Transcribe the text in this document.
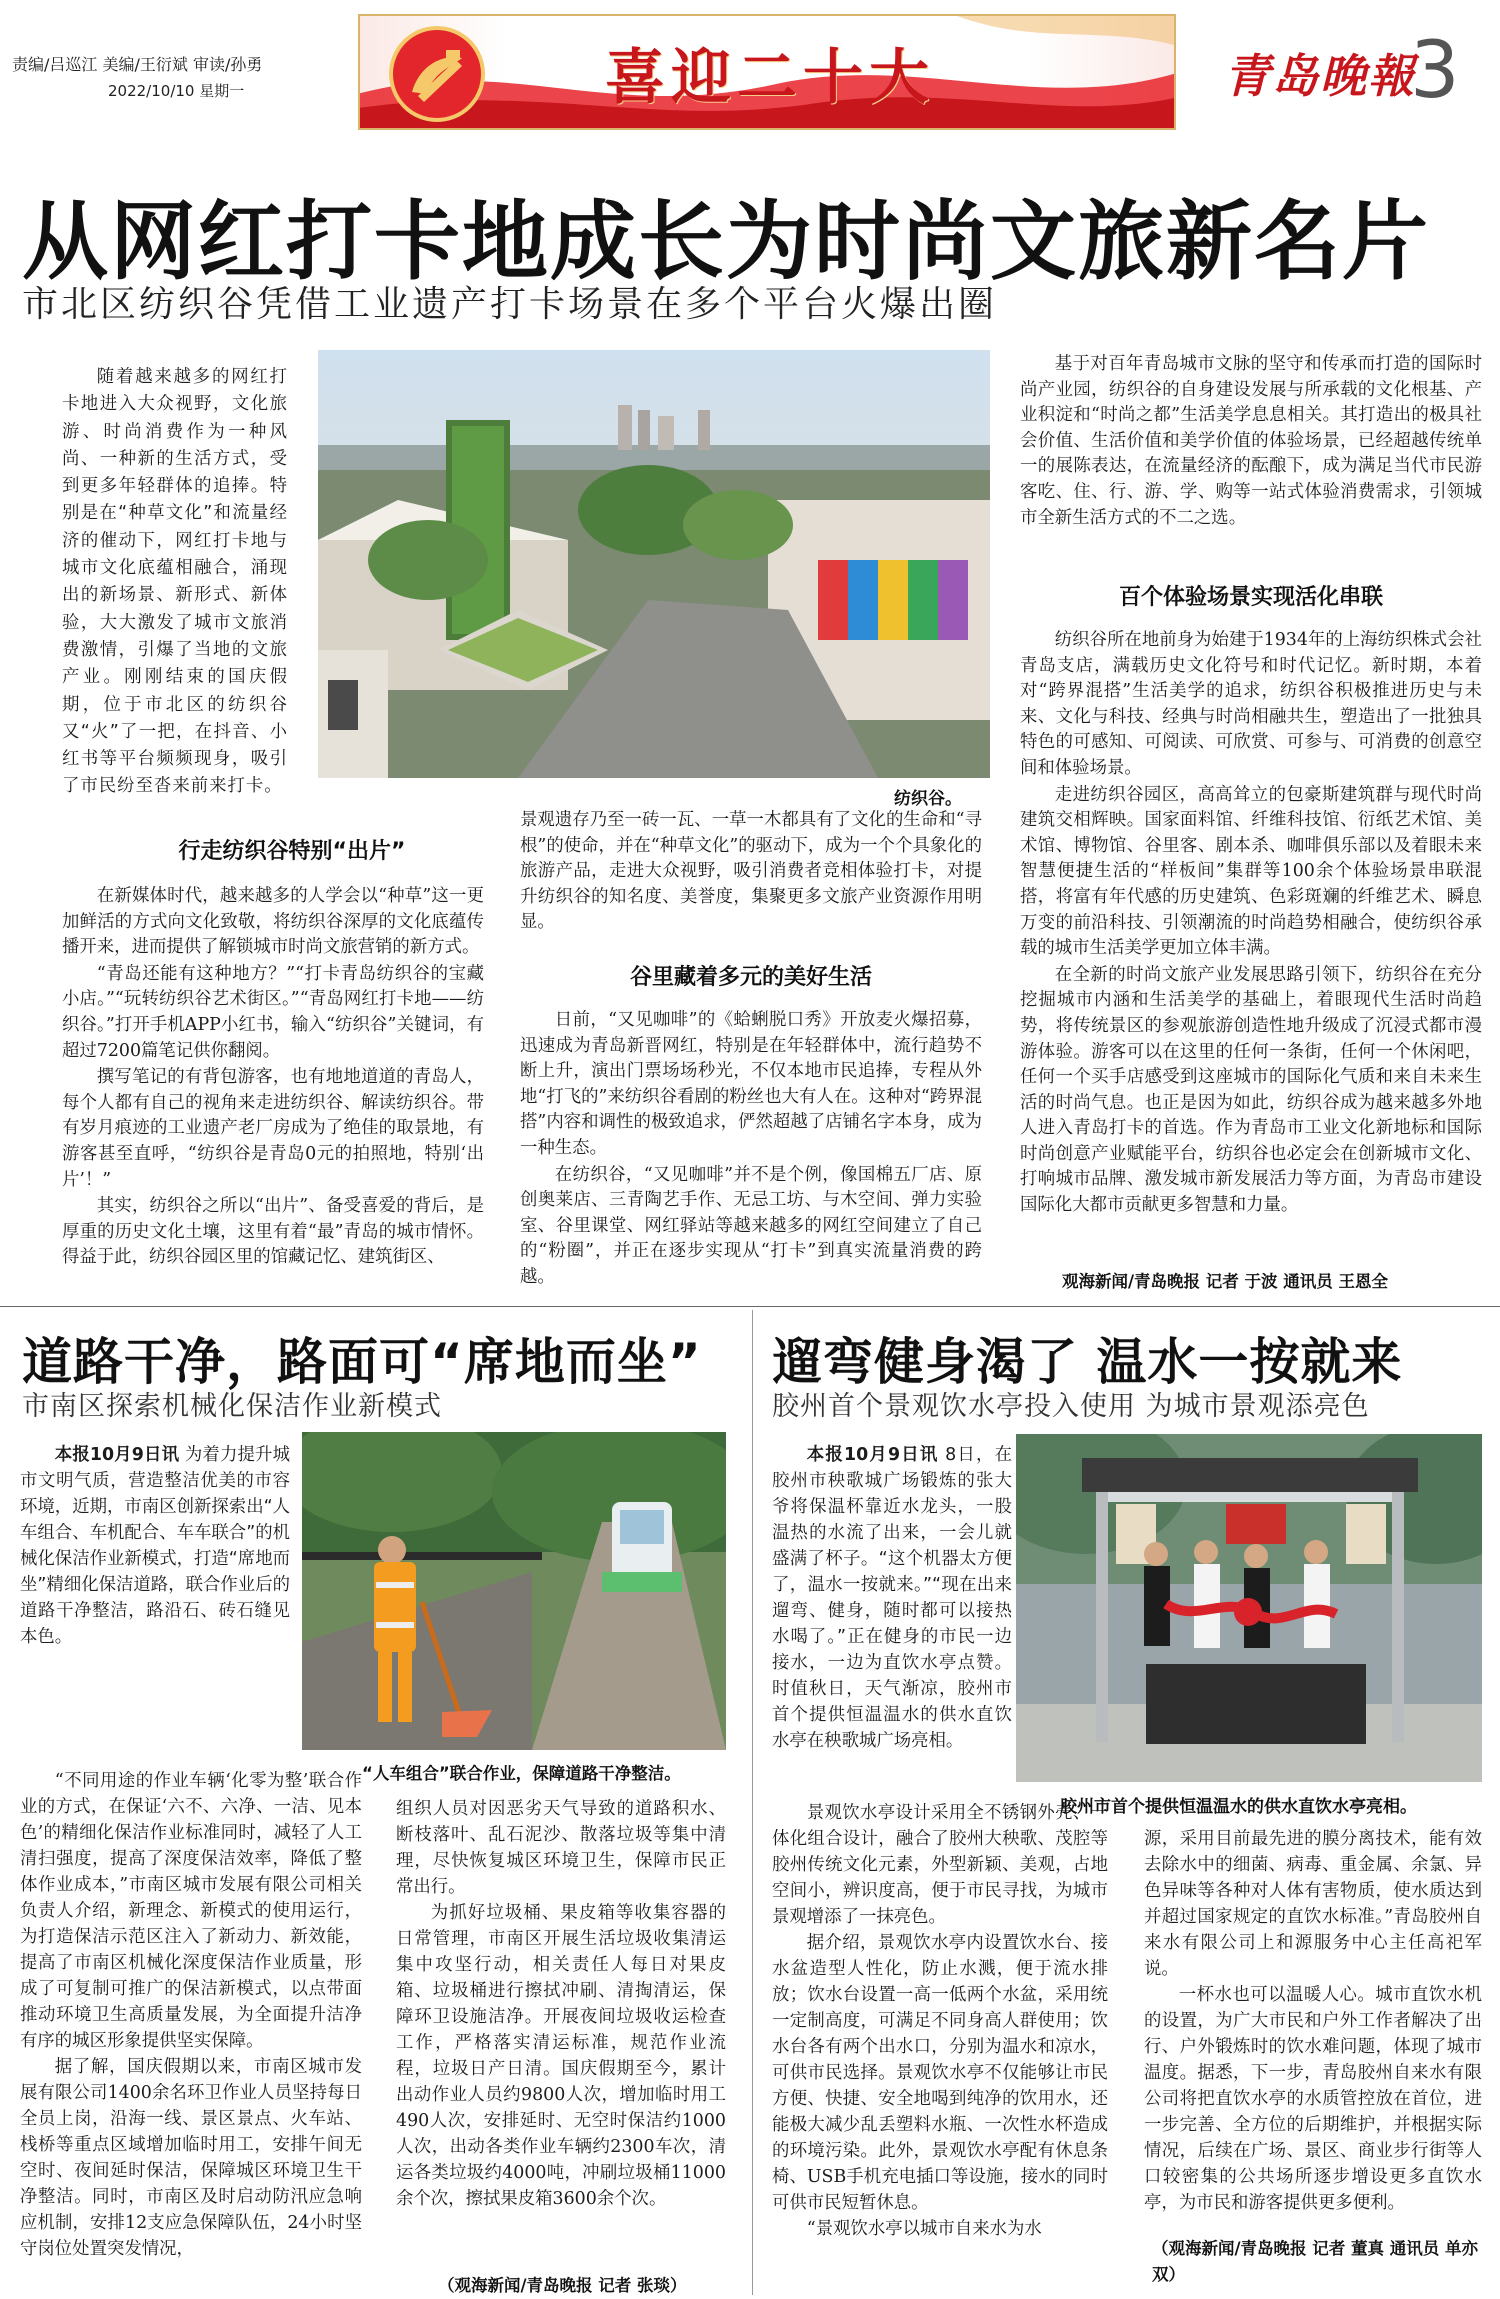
责编/吕巡江 美编/王衍斌 审读/孙勇
2022/10/10 星期一	喜迎二十大	青岛晚報
3
从网红打卡地成长为时尚文旅新名片
市北区纺织谷凭借工业遗产打卡场景在多个平台火爆出圈

随着越来越多的网红打卡地进入大众视野，文化旅游、时尚消费作为一种风尚、一种新的生活方式，受到更多年轻群体的追捧。特别是在“种草文化”和流量经济的催动下，网红打卡地与城市文化底蕴相融合，涌现出的新场景、新形式、新体验，大大激发了城市文旅消费激情，引爆了当地的文旅产业。刚刚结束的国庆假期，位于市北区的纺织谷又“火”了一把，在抖音、小红书等平台频频现身，吸引了市民纷至沓来前来打卡。

纺织谷。
行走纺织谷特别“出片”

在新媒体时代，越来越多的人学会以“种草”这一更加鲜活的方式向文化致敬，将纺织谷深厚的文化底蕴传播开来，进而提供了解锁城市时尚文旅营销的新方式。

“青岛还能有这种地方？”“打卡青岛纺织谷的宝藏小店。”“玩转纺织谷艺术街区。”“青岛网红打卡地——纺织谷。”打开手机APP小红书，输入“纺织谷”关键词，有超过7200篇笔记供你翻阅。

撰写笔记的有背包游客，也有地地道道的青岛人，每个人都有自己的视角来走进纺织谷、解读纺织谷。带有岁月痕迹的工业遗产老厂房成为了绝佳的取景地，有游客甚至直呼，“纺织谷是青岛0元的拍照地，特别‘出片’！”

其实，纺织谷之所以“出片”、备受喜爱的背后，是厚重的历史文化土壤，这里有着“最”青岛的城市情怀。得益于此，纺织谷园区里的馆藏记忆、建筑街区、

景观遗存乃至一砖一瓦、一草一木都具有了文化的生命和“寻根”的使命，并在“种草文化”的驱动下，成为一个个具象化的旅游产品，走进大众视野，吸引消费者竞相体验打卡，对提升纺织谷的知名度、美誉度，集聚更多文旅产业资源作用明显。

谷里藏着多元的美好生活

日前，“又见咖啡”的《蛤蜊脱口秀》开放麦火爆招募，迅速成为青岛新晋网红，特别是在年轻群体中，流行趋势不断上升，演出门票场场秒光，不仅本地市民追捧，专程从外地“打飞的”来纺织谷看剧的粉丝也大有人在。这种对“跨界混搭”内容和调性的极致追求，俨然超越了店铺名字本身，成为一种生态。

在纺织谷，“又见咖啡”并不是个例，像国棉五厂店、原创奥莱店、三青陶艺手作、无忌工坊、与木空间、弹力实验室、谷里课堂、网红驿站等越来越多的网红空间建立了自己的“粉圈”，并正在逐步实现从“打卡”到真实流量消费的跨越。

基于对百年青岛城市文脉的坚守和传承而打造的国际时尚产业园，纺织谷的自身建设发展与所承载的文化根基、产业积淀和“时尚之都”生活美学息息相关。其打造出的极具社会价值、生活价值和美学价值的体验场景，已经超越传统单一的展陈表达，在流量经济的酝酿下，成为满足当代市民游客吃、住、行、游、学、购等一站式体验消费需求，引领城市全新生活方式的不二之选。

百个体验场景实现活化串联

纺织谷所在地前身为始建于1934年的上海纺织株式会社青岛支店，满载历史文化符号和时代记忆。新时期，本着对“跨界混搭”生活美学的追求，纺织谷积极推进历史与未来、文化与科技、经典与时尚相融共生，塑造出了一批独具特色的可感知、可阅读、可欣赏、可参与、可消费的创意空间和体验场景。

走进纺织谷园区，高高耸立的包豪斯建筑群与现代时尚建筑交相辉映。国家面料馆、纤维科技馆、衍纸艺术馆、美术馆、博物馆、谷里客、剧本杀、咖啡俱乐部以及着眼未来智慧便捷生活的“样板间”集群等100余个体验场景串联混搭，将富有年代感的历史建筑、色彩斑斓的纤维艺术、瞬息万变的前沿科技、引领潮流的时尚趋势相融合，使纺织谷承载的城市生活美学更加立体丰满。

在全新的时尚文旅产业发展思路引领下，纺织谷在充分挖掘城市内涵和生活美学的基础上，着眼现代生活时尚趋势，将传统景区的参观旅游创造性地升级成了沉浸式都市漫游体验。游客可以在这里的任何一条街，任何一个休闲吧，任何一个买手店感受到这座城市的国际化气质和来自未来生活的时尚气息。也正是因为如此，纺织谷成为越来越多外地人进入青岛打卡的首选。作为青岛市工业文化新地标和国际时尚创意产业赋能平台，纺织谷也必定会在创新城市文化、打响城市品牌、激发城市新发展活力等方面，为青岛市建设国际化大都市贡献更多智慧和力量。

观海新闻/青岛晚报 记者 于波 通讯员 王恩全
道路干净，路面可“席地而坐”
市南区探索机械化保洁作业新模式

本报10月9日讯 为着力提升城市文明气质，营造整洁优美的市容环境，近期，市南区创新探索出“人车组合、车机配合、车车联合”的机械化保洁作业新模式，打造“席地而坐”精细化保洁道路，联合作业后的道路干净整洁，路沿石、砖石缝见本色。

“人车组合”联合作业，保障道路干净整洁。

“不同用途的作业车辆‘化零为整’联合作业的方式，在保证‘六不、六净、一洁、见本色’的精细化保洁作业标准同时，减轻了人工清扫强度，提高了深度保洁效率，降低了整体作业成本，”市南区城市发展有限公司相关负责人介绍，新理念、新模式的使用运行，为打造保洁示范区注入了新动力、新效能，提高了市南区机械化深度保洁作业质量，形成了可复制可推广的保洁新模式，以点带面推动环境卫生高质量发展，为全面提升洁净有序的城区形象提供坚实保障。

据了解，国庆假期以来，市南区城市发展有限公司1400余名环卫作业人员坚持每日全员上岗，沿海一线、景区景点、火车站、栈桥等重点区域增加临时用工，安排午间无空时、夜间延时保洁，保障城区环境卫生干净整洁。同时，市南区及时启动防汛应急响应机制，安排12支应急保障队伍，24小时坚守岗位处置突发情况，

组织人员对因恶劣天气导致的道路积水、断枝落叶、乱石泥沙、散落垃圾等集中清理，尽快恢复城区环境卫生，保障市民正常出行。

为抓好垃圾桶、果皮箱等收集容器的日常管理，市南区开展生活垃圾收集清运集中攻坚行动，相关责任人每日对果皮箱、垃圾桶进行擦拭冲刷、清掏清运，保障环卫设施洁净。开展夜间垃圾收运检查工作，严格落实清运标准，规范作业流程，垃圾日产日清。国庆假期至今，累计出动作业人员约9800人次，增加临时用工490人次，安排延时、无空时保洁约1000人次，出动各类作业车辆约2300车次，清运各类垃圾约4000吨，冲刷垃圾桶11000余个次，擦拭果皮箱3600余个次。

（观海新闻/青岛晚报 记者 张琰）
遛弯健身渴了 温水一按就来
胶州首个景观饮水亭投入使用 为城市景观添亮色

本报10月9日讯 8日，在胶州市秧歌城广场锻炼的张大爷将保温杯靠近水龙头，一股温热的水流了出来，一会儿就盛满了杯子。“这个机器太方便了，温水一按就来。”“现在出来遛弯、健身，随时都可以接热水喝了。”正在健身的市民一边接水，一边为直饮水亭点赞。时值秋日，天气渐凉，胶州市首个提供恒温温水的供水直饮水亭在秧歌城广场亮相。

胶州市首个提供恒温温水的供水直饮水亭亮相。

景观饮水亭设计采用全不锈钢外壳、一体化组合设计，融合了胶州大秧歌、茂腔等胶州传统文化元素，外型新颖、美观，占地空间小，辨识度高，便于市民寻找，为城市景观增添了一抹亮色。

据介绍，景观饮水亭内设置饮水台、接水盆造型人性化，防止水溅，便于流水排放；饮水台设置一高一低两个水盆，采用统一定制高度，可满足不同身高人群使用；饮水台各有两个出水口，分别为温水和凉水，可供市民选择。景观饮水亭不仅能够让市民方便、快捷、安全地喝到纯净的饮用水，还能极大减少乱丢塑料水瓶、一次性水杯造成的环境污染。此外，景观饮水亭配有休息条椅、USB手机充电插口等设施，接水的同时可供市民短暂休息。

“景观饮水亭以城市自来水为水

源，采用目前最先进的膜分离技术，能有效去除水中的细菌、病毒、重金属、余氯、异色异味等各种对人体有害物质，使水质达到并超过国家规定的直饮水标准。”青岛胶州自来水有限公司上和源服务中心主任高祀军说。

一杯水也可以温暖人心。城市直饮水机的设置，为广大市民和户外工作者解决了出行、户外锻炼时的饮水难问题，体现了城市温度。据悉，下一步，青岛胶州自来水有限公司将把直饮水亭的水质管控放在首位，进一步完善、全方位的后期维护，并根据实际情况，后续在广场、景区、商业步行街等人口较密集的公共场所逐步增设更多直饮水亭，为市民和游客提供更多便利。

（观海新闻/青岛晚报 记者 董真 通讯员 单亦双）
